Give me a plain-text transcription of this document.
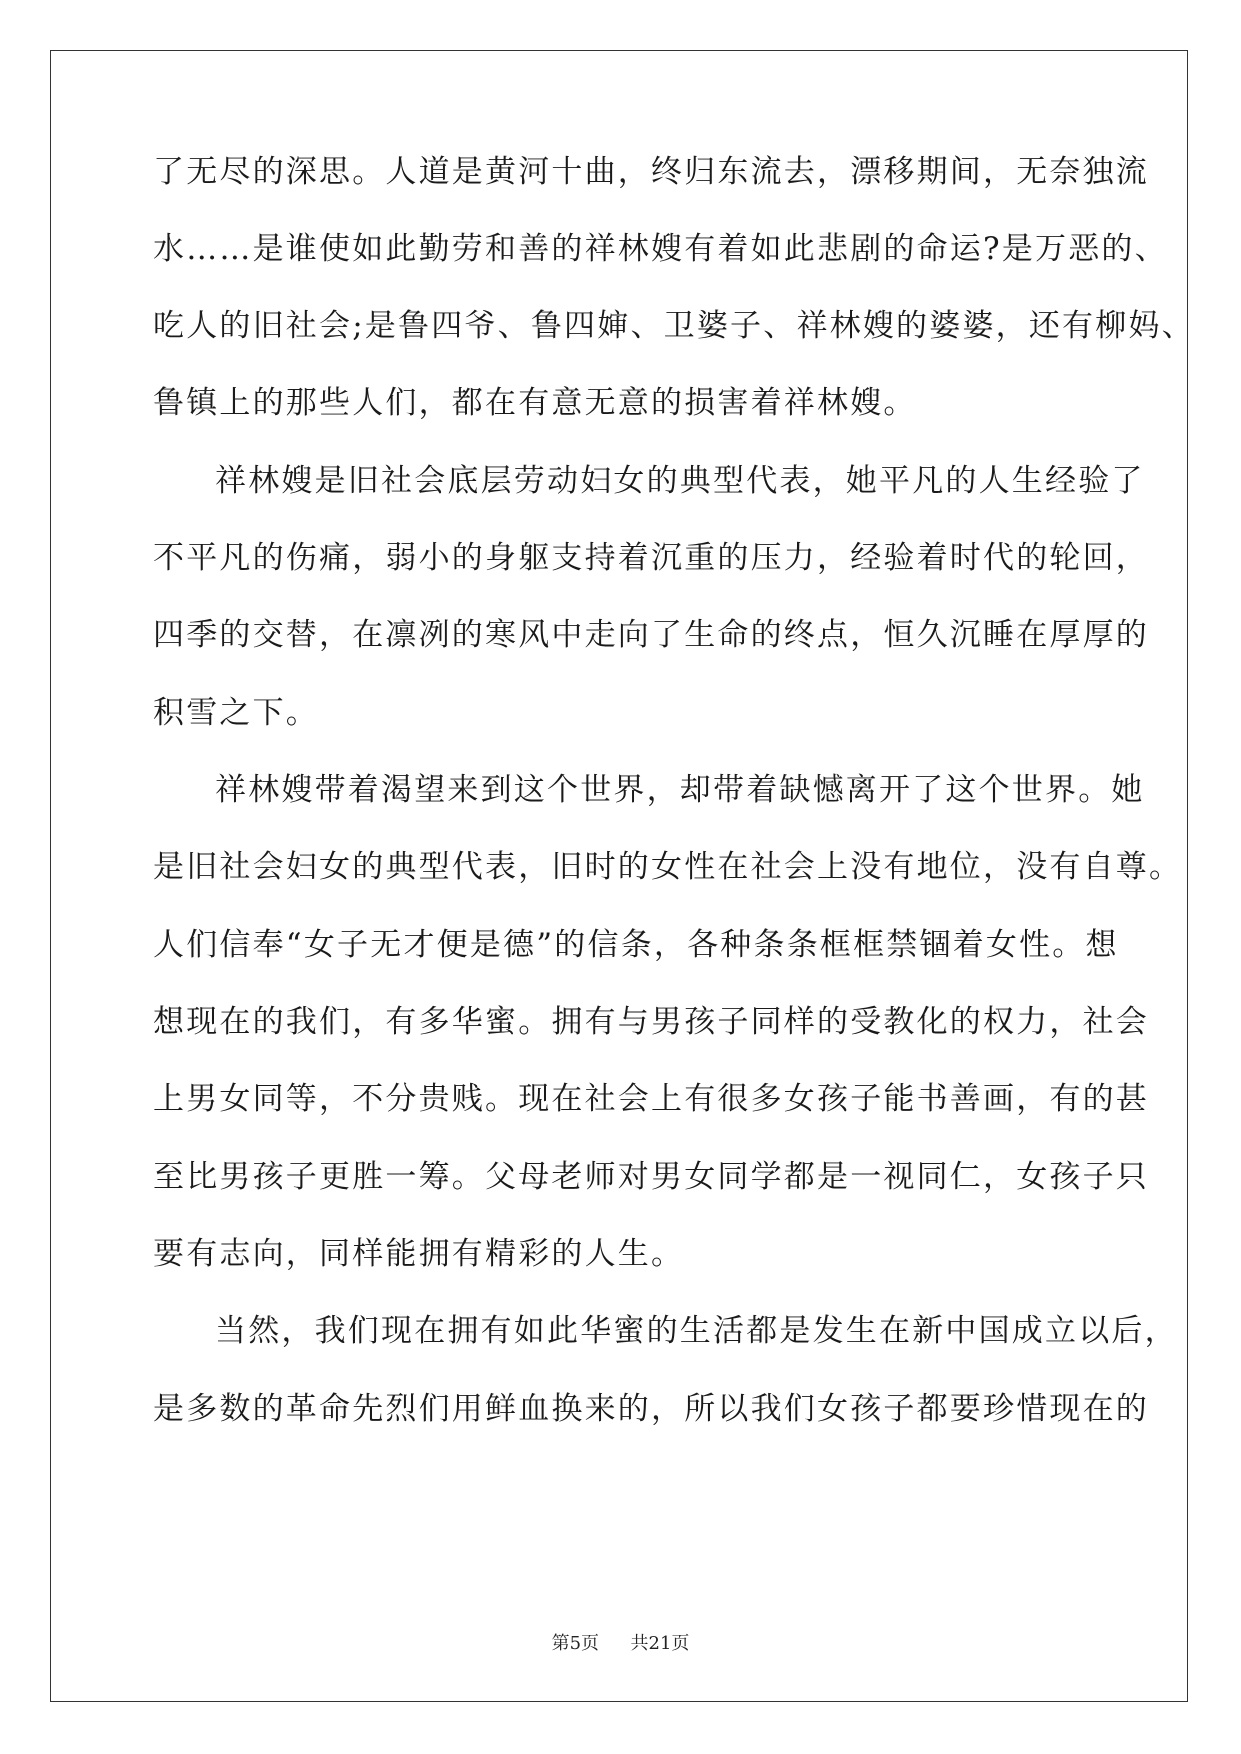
了无尽的深思。人道是黄河十曲，终归东流去，漂移期间，无奈独流
水……是谁使如此勤劳和善的祥林嫂有着如此悲剧的命运?是万恶的、
吃人的旧社会;是鲁四爷、鲁四婶、卫婆子、祥林嫂的婆婆，还有柳妈、
鲁镇上的那些人们，都在有意无意的损害着祥林嫂。
祥林嫂是旧社会底层劳动妇女的典型代表，她平凡的人生经验了
不平凡的伤痛，弱小的身躯支持着沉重的压力，经验着时代的轮回，
四季的交替，在凛冽的寒风中走向了生命的终点，恒久沉睡在厚厚的
积雪之下。
祥林嫂带着渴望来到这个世界，却带着缺憾离开了这个世界。她
是旧社会妇女的典型代表，旧时的女性在社会上没有地位，没有自尊。
人们信奉“女子无才便是德”的信条，各种条条框框禁锢着女性。想
想现在的我们，有多华蜜。拥有与男孩子同样的受教化的权力，社会
上男女同等，不分贵贱。现在社会上有很多女孩子能书善画，有的甚
至比男孩子更胜一筹。父母老师对男女同学都是一视同仁，女孩子只
要有志向，同样能拥有精彩的人生。
当然，我们现在拥有如此华蜜的生活都是发生在新中国成立以后，
是多数的革命先烈们用鲜血换来的，所以我们女孩子都要珍惜现在的
第5页 共21页
